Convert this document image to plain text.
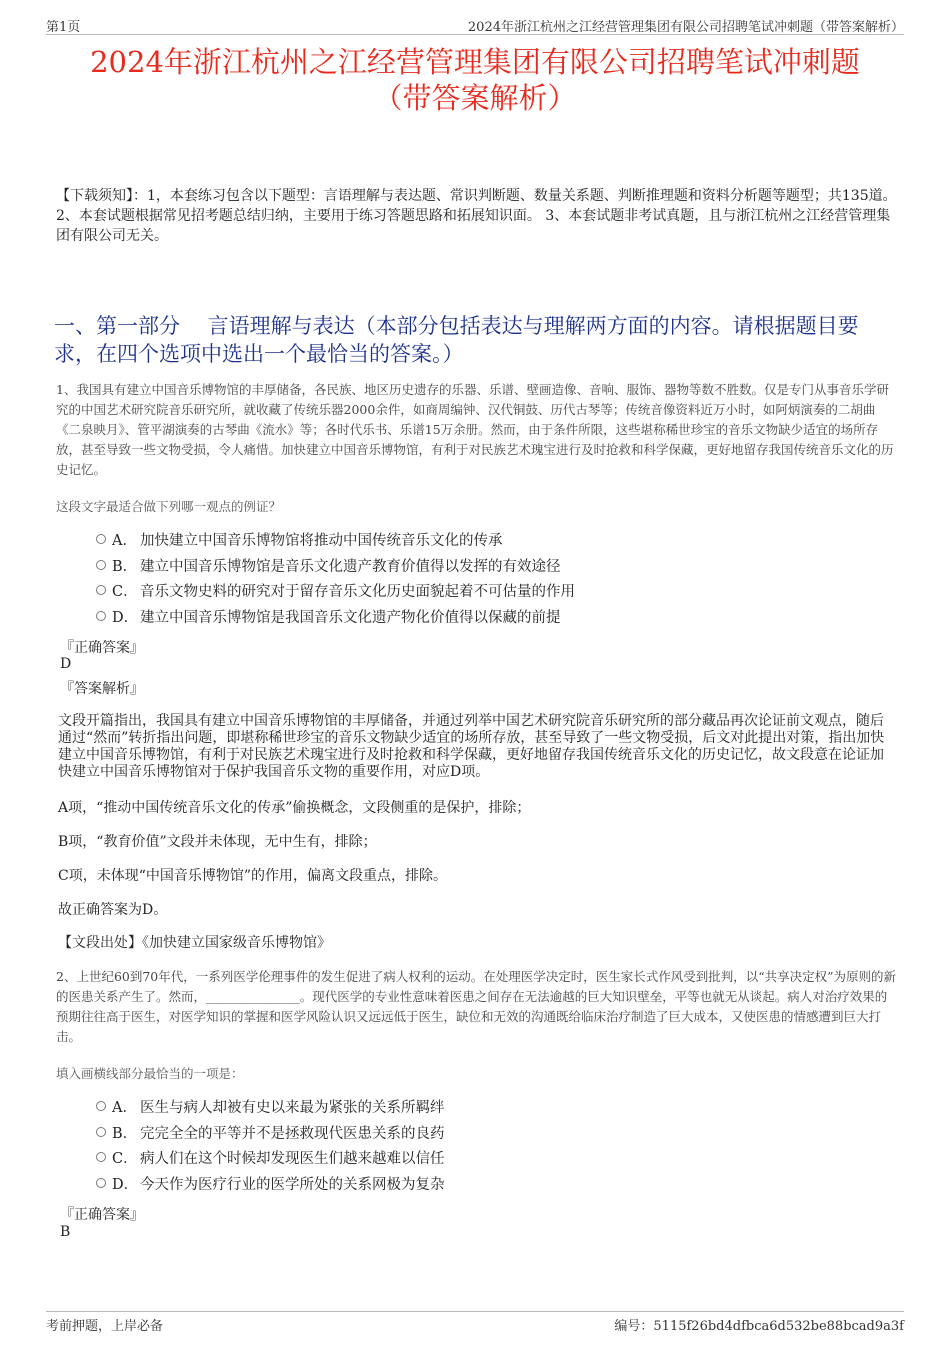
第1页	2024年浙江杭州之江经营管理集团有限公司招聘笔试冲刺题（带答案解析）
2024年浙江杭州之江经营管理集团有限公司招聘笔试冲刺题
（带答案解析）
【下载须知】：1，本套练习包含以下题型：言语理解与表达题、常识判断题、数量关系题、判断推理题和资料分析题等题型；共135道。 2、本套试题根据常见招考题总结归纳，主要用于练习答题思路和拓展知识面。 3、本套试题非考试真题，且与浙江杭州之江经营管理集团有限公司无关。
一、第一部分　 言语理解与表达（本部分包括表达与理解两方面的内容。请根据题目要求，在四个选项中选出一个最恰当的答案。）
1、我国具有建立中国音乐博物馆的丰厚储备，各民族、地区历史遗存的乐器、乐谱、壁画造像、音响、服饰、器物等数不胜数。仅是专门从事音乐学研究的中国艺术研究院音乐研究所，就收藏了传统乐器2000余件，如商周编钟、汉代铜鼓、历代古琴等；传统音像资料近万小时，如阿炳演奏的二胡曲《二泉映月》、管平湖演奏的古琴曲《流水》等；各时代乐书、乐谱15万余册。然而，由于条件所限，这些堪称稀世珍宝的音乐文物缺少适宜的场所存放，甚至导致一些文物受损，令人痛惜。加快建立中国音乐博物馆，有利于对民族艺术瑰宝进行及时抢救和科学保藏，更好地留存我国传统音乐文化的历史记忆。
这段文字最适合做下列哪一观点的例证？
A． 加快建立中国音乐博物馆将推动中国传统音乐文化的传承
B． 建立中国音乐博物馆是音乐文化遗产教育价值得以发挥的有效途径
C． 音乐文物史料的研究对于留存音乐文化历史面貌起着不可估量的作用
D． 建立中国音乐博物馆是我国音乐文化遗产物化价值得以保藏的前提
『正确答案』
D
『答案解析』
文段开篇指出，我国具有建立中国音乐博物馆的丰厚储备，并通过列举中国艺术研究院音乐研究所的部分藏品再次论证前文观点，随后通过“然而”转折指出问题，即堪称稀世珍宝的音乐文物缺少适宜的场所存放，甚至导致了一些文物受损，后文对此提出对策，指出加快建立中国音乐博物馆，有利于对民族艺术瑰宝进行及时抢救和科学保藏，更好地留存我国传统音乐文化的历史记忆，故文段意在论证加快建立中国音乐博物馆对于保护我国音乐文物的重要作用，对应D项。
A项，“推动中国传统音乐文化的传承”偷换概念，文段侧重的是保护，排除；
B项，“教育价值”文段并未体现，无中生有，排除；
C项，未体现“中国音乐博物馆”的作用，偏离文段重点，排除。
故正确答案为D。
【文段出处】《加快建立国家级音乐博物馆》
2、上世纪60到70年代，一系列医学伦理事件的发生促进了病人权利的运动。在处理医学决定时，医生家长式作风受到批判，以“共享决定权”为原则的新的医患关系产生了。然而，_______________。现代医学的专业性意味着医患之间存在无法逾越的巨大知识壁垒，平等也就无从谈起。病人对治疗效果的预期往往高于医生，对医学知识的掌握和医学风险认识又远远低于医生，缺位和无效的沟通既给临床治疗制造了巨大成本，又使医患的情感遭到巨大打击。
填入画横线部分最恰当的一项是：
A． 医生与病人却被有史以来最为紧张的关系所羁绊
B． 完完全全的平等并不是拯救现代医患关系的良药
C． 病人们在这个时候却发现医生们越来越难以信任
D． 今天作为医疗行业的医学所处的关系网极为复杂
『正确答案』
B
考前押题，上岸必备	编号：5115f26bd4dfbca6d532be88bcad9a3f
